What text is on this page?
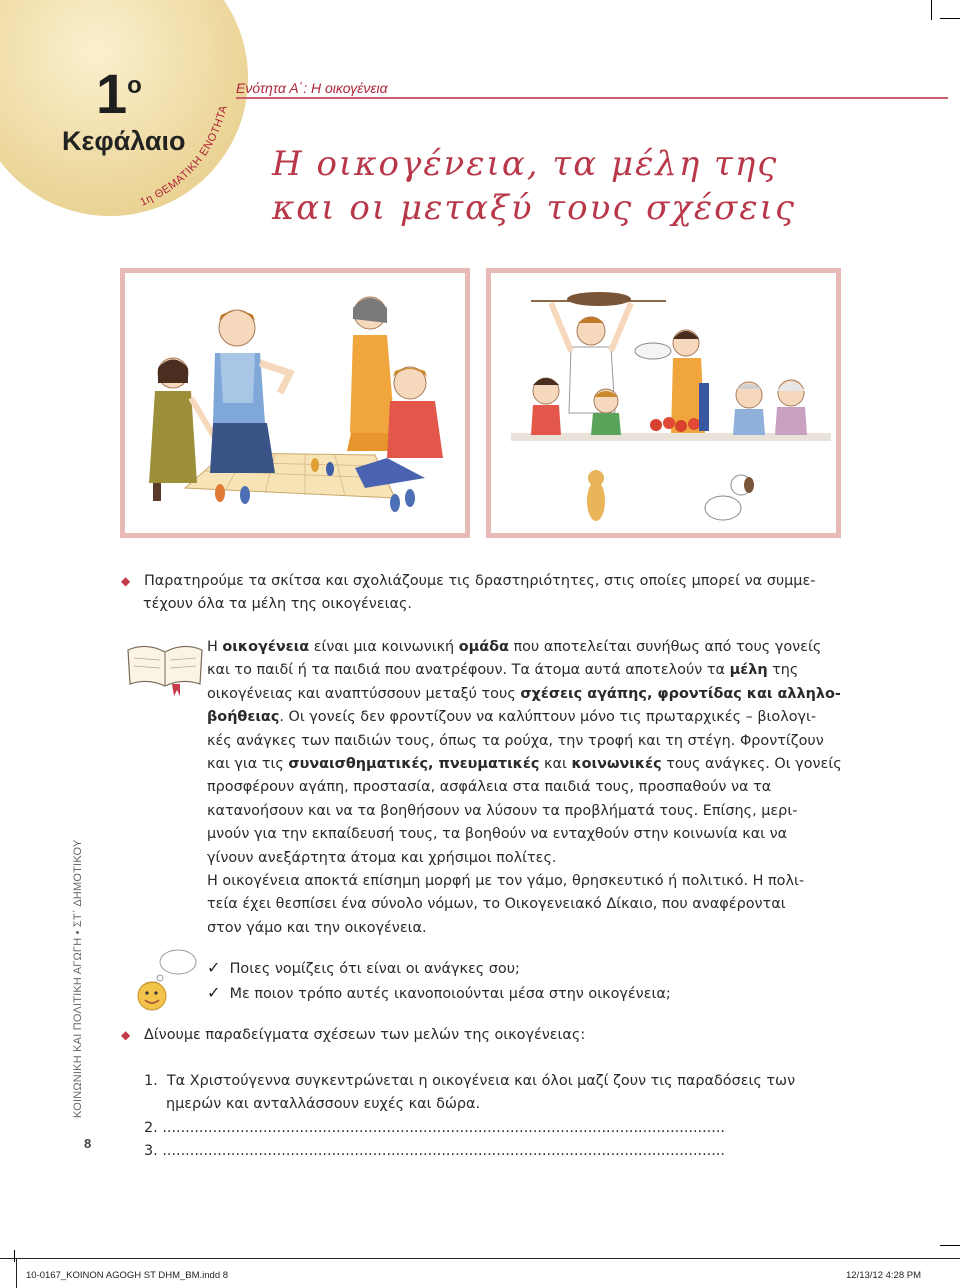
$1^o$
Κεφάλαιο
1η ΘΕΜΑΤΙΚΗ ΕΝΟΤΗΤΑ
Ενότητα Α΄: Η οικογένεια
Η οικογένεια, τα μέλη της
και οι μεταξύ τους σχέσεις
ΚΟΙΝΩΝΙΚΗ ΚΑΙ ΠΟΛΙΤΙΚΗ ΑΓΩΓΗ • ΣΤ΄ ΔΗΜΟΤΙΚΟΥ
8
◆ Παρατηρούμε τα σκίτσα και σχολιάζουμε τις δραστηριότητες, στις οποίες μπορεί να συμμε-
τέχουν όλα τα μέλη της οικογένειας.
Η οικογένεια είναι μια κοινωνική ομάδα που αποτελείται συνήθως από τους γονείς
και το παιδί ή τα παιδιά που ανατρέφουν. Τα άτομα αυτά αποτελούν τα μέλη της
οικογένειας και αναπτύσσουν μεταξύ τους σχέσεις αγάπης, φροντίδας και αλληλο-
βοήθειας. Οι γονείς δεν φροντίζουν να καλύπτουν μόνο τις πρωταρχικές – βιολογι-
κές ανάγκες των παιδιών τους, όπως τα ρούχα, την τροφή και τη στέγη. Φροντίζουν
και για τις συναισθηματικές, πνευματικές και κοινωνικές τους ανάγκες. Οι γονείς
προσφέρουν αγάπη, προστασία, ασφάλεια στα παιδιά τους, προσπαθούν να τα
κατανοήσουν και να τα βοηθήσουν να λύσουν τα προβλήματά τους. Επίσης, μερι-
μνούν για την εκπαίδευσή τους, τα βοηθούν να ενταχθούν στην κοινωνία και να
γίνουν ανεξάρτητα άτομα και χρήσιμοι πολίτες.
Η οικογένεια αποκτά επίσημη μορφή με τον γάμο, θρησκευτικό ή πολιτικό. Η πολι-
τεία έχει θεσπίσει ένα σύνολο νόμων, το Οικογενειακό Δίκαιο, που αναφέρονται
στον γάμο και την οικογένεια.
✓ Ποιες νομίζεις ότι είναι οι ανάγκες σου;
✓ Με ποιον τρόπο αυτές ικανοποιούνται μέσα στην οικογένεια;
◆ Δίνουμε παραδείγματα σχέσεων των μελών της οικογένειας:
1. Τα Χριστούγεννα συγκεντρώνεται η οικογένεια και όλοι μαζί ζουν τις παραδόσεις των
ημερών και ανταλλάσσουν ευχές και δώρα.
2. ...........................................................................................................................
3. ...........................................................................................................................
10-0167_KOINON AGOGH ST DHM_BM.indd 8	12/13/12 4:28 PM
